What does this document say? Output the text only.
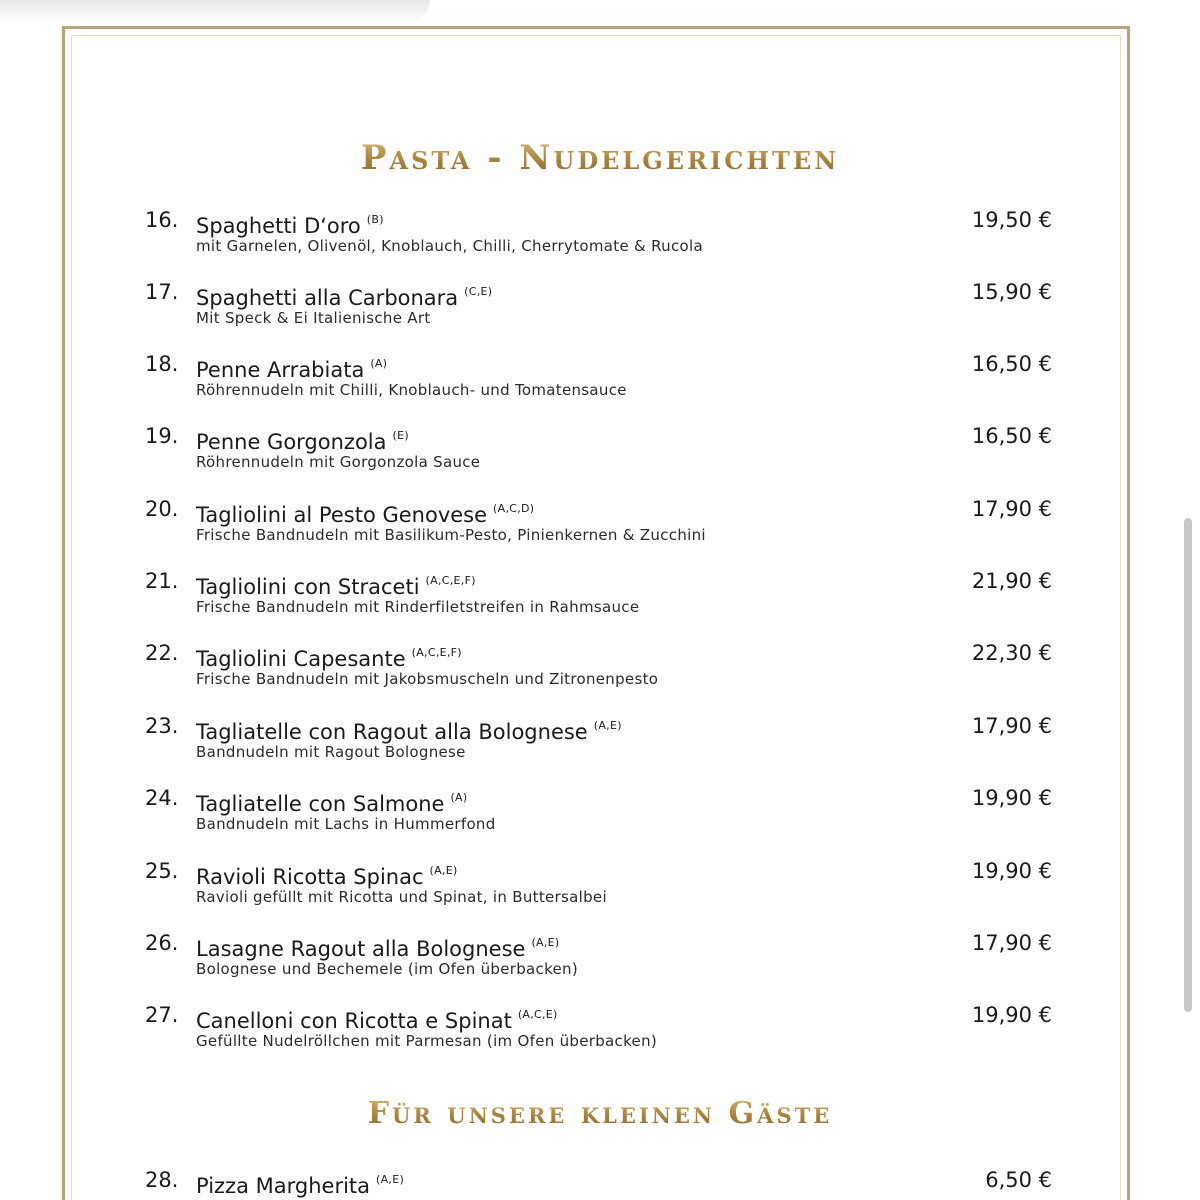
Pasta - Nudelgerichten
16. Spaghetti D‘oro $^{(B)}$
mit Garnelen, Olivenöl, Knoblauch, Chilli, Cherrytomate & Rucola
19,50 €
17. Spaghetti alla Carbonara $^{(C,E)}$
Mit Speck & Ei Italienische Art
15,90 €
18. Penne Arrabiata $^{(A)}$
Röhrennudeln mit Chilli, Knoblauch- und Tomatensauce
16,50 €
19. Penne Gorgonzola $^{(E)}$
Röhrennudeln mit Gorgonzola Sauce
16,50 €
20. Tagliolini al Pesto Genovese $^{(A,C,D)}$
Frische Bandnudeln mit Basilikum-Pesto, Pinienkernen & Zucchini
17,90 €
21. Tagliolini con Straceti $^{(A,C,E,F)}$
Frische Bandnudeln mit Rinderfiletstreifen in Rahmsauce
21,90 €
22. Tagliolini Capesante $^{(A,C,E,F)}$
Frische Bandnudeln mit Jakobsmuscheln und Zitronenpesto
22,30 €
23. Tagliatelle con Ragout alla Bolognese $^{(A,E)}$
Bandnudeln mit Ragout Bolognese
17,90 €
24. Tagliatelle con Salmone $^{(A)}$
Bandnudeln mit Lachs in Hummerfond
19,90 €
25. Ravioli Ricotta Spinac $^{(A,E)}$
Ravioli gefüllt mit Ricotta und Spinat, in Buttersalbei
19,90 €
26. Lasagne Ragout alla Bolognese $^{(A,E)}$
Bolognese und Bechemele (im Ofen überbacken)
17,90 €
27. Canelloni con Ricotta e Spinat $^{(A,C,E)}$
Gefüllte Nudelröllchen mit Parmesan (im Ofen überbacken)
19,90 €
Für unsere kleinen Gäste
28. Pizza Margherita $^{(A,E)}$	6,50 €
